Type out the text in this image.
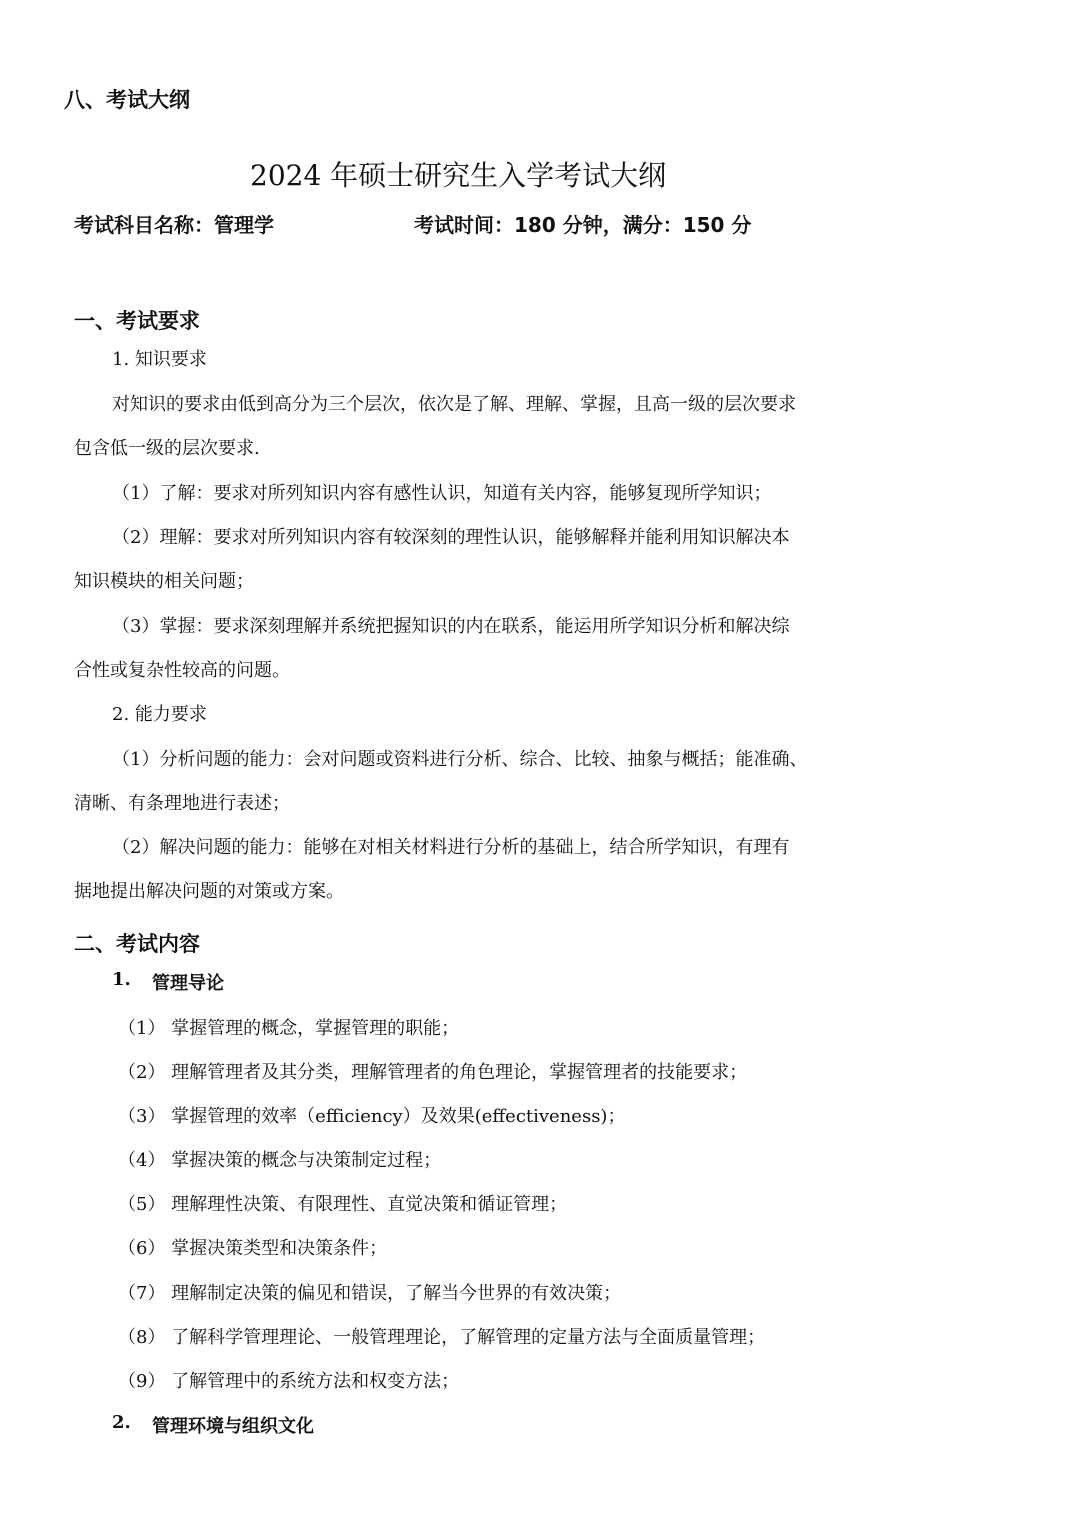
八、考试大纲
2024 年硕士研究生入学考试大纲
考试科目名称：管理学	考试时间：180 分钟，满分：150 分
一、考试要求
1. 知识要求
对知识的要求由低到高分为三个层次，依次是了解、理解、掌握，且高一级的层次要求
包含低一级的层次要求.
（1）了解：要求对所列知识内容有感性认识，知道有关内容，能够复现所学知识；
（2）理解：要求对所列知识内容有较深刻的理性认识，能够解释并能利用知识解决本
知识模块的相关问题；
（3）掌握：要求深刻理解并系统把握知识的内在联系，能运用所学知识分析和解决综
合性或复杂性较高的问题。
2. 能力要求
（1）分析问题的能力：会对问题或资料进行分析、综合、比较、抽象与概括；能准确、
清晰、有条理地进行表述；
（2）解决问题的能力：能够在对相关材料进行分析的基础上，结合所学知识，有理有
据地提出解决问题的对策或方案。
二、考试内容
1. 管理导论
（1） 掌握管理的概念，掌握管理的职能；
（2） 理解管理者及其分类，理解管理者的角色理论，掌握管理者的技能要求；
（3） 掌握管理的效率（efficiency）及效果(effectiveness)；
（4） 掌握决策的概念与决策制定过程；
（5） 理解理性决策、有限理性、直觉决策和循证管理；
（6） 掌握决策类型和决策条件；
（7） 理解制定决策的偏见和错误，了解当今世界的有效决策；
（8） 了解科学管理理论、一般管理理论，了解管理的定量方法与全面质量管理；
（9） 了解管理中的系统方法和权变方法；
2. 管理环境与组织文化
